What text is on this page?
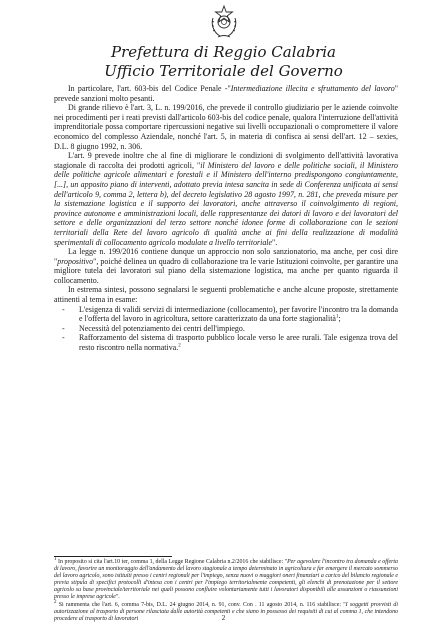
Prefettura di Reggio Calabria
Ufficio Territoriale del Governo

In particolare, l'art. 603-bis del Codice Penale -"Intermediazione illecita e sfruttamento del lavoro" prevede sanzioni molto pesanti.

Di grande rilievo è l'art. 3, L. n. 199/2016, che prevede il controllo giudiziario per le aziende coinvolte nei procedimenti per i reati previsti dall'articolo 603-bis del codice penale, qualora l'interruzione dell'attività imprenditoriale possa comportare ripercussioni negative sui livelli occupazionali o compromettere il valore economico del complesso Aziendale, nonché l'art. 5, in materia di confisca ai sensi dell'art. 12 – sexies, D.L. 8 giugno 1992, n. 306.

L'art. 9 prevede inoltre che al fine di migliorare le condizioni di svolgimento dell'attività lavorativa stagionale di raccolta dei prodotti agricoli, "il Ministero del lavoro e delle politiche sociali, il Ministero delle politiche agricole alimentari e forestali e il Ministero dell'interno predispongono congiuntamente, [...], un apposito piano di interventi, adottato previa intesa sancita in sede di Conferenza unificata ai sensi dell'articolo 9, comma 2, lettera b), del decreto legislativo 28 agosto 1997, n. 281, che preveda misure per la sistemazione logistica e il supporto dei lavoratori, anche attraverso il coinvolgimento di regioni, province autonome e amministrazioni locali, delle rappresentanze dei datori di lavoro e dei lavoratori del settore e delle organizzazioni del terzo settore nonché idonee forme di collaborazione con le sezioni territoriali della Rete del lavoro agricolo di qualità anche ai fini della realizzazione di modalità sperimentali di collocamento agricolo modulate a livello territoriale".

La legge n. 199/2016 contiene dunque un approccio non solo sanzionatorio, ma anche, per così dire "propositivo", poiché delinea un quadro di collaborazione tra le varie Istituzioni coinvolte, per garantire una migliore tutela dei lavoratori sul piano della sistemazione logistica, ma anche per quanto riguarda il collocamento.

In estrema sintesi, possono segnalarsi le seguenti problematiche e anche alcune proposte, strettamente attinenti al tema in esame:

- L'esigenza di validi servizi di intermediazione (collocamento), per favorire l'incontro tra la domanda e l'offerta del lavoro in agricoltura, settore caratterizzato da una forte stagionalità$^1$;
- Necessità del potenziamento dei centri dell'impiego.
- Rafforzamento del sistema di trasporto pubblico locale verso le aree rurali. Tale esigenza trova del resto riscontro nella normativa.$^2$

$^1$ In proposito si cita l'art.10 ter, comma 1, della Legge Regione Calabria n.2/2016 che stabilisce: "Per agevolare l'incontro tra domanda e offerta di lavoro, favorire un monitoraggio dell'andamento del lavoro stagionale a tempo determinato in agricoltura e far emergere il mercato sommerso del lavoro agricolo, sono istituiti presso i centri regionali per l'impiego, senza nuovi o maggiori oneri finanziari a carico del bilancio regionale e previa stipula di specifici protocolli d'intesa con i centri per l'impiego territorialmente competenti, gli elenchi di prenotazione per il settore agricolo su base provinciale/territoriale nei quali possono confluire volontariamente tutti i lavoratori disponibili alle assunzioni o riassunzioni presso le imprese agricole".

$^2$ Si rammenta che l'art. 6, comma 7-bis, D.L. 24 giugno 2014, n. 91, conv. Con . 11 agosto 2014, n. 116 stabilisce: "I soggetti provvisti di autorizzazione al trasporto di persone rilasciata dalle autorità competenti e che siano in possesso dei requisiti di cui al comma 1, che intendono procedere al trasporto di lavoratori	2
